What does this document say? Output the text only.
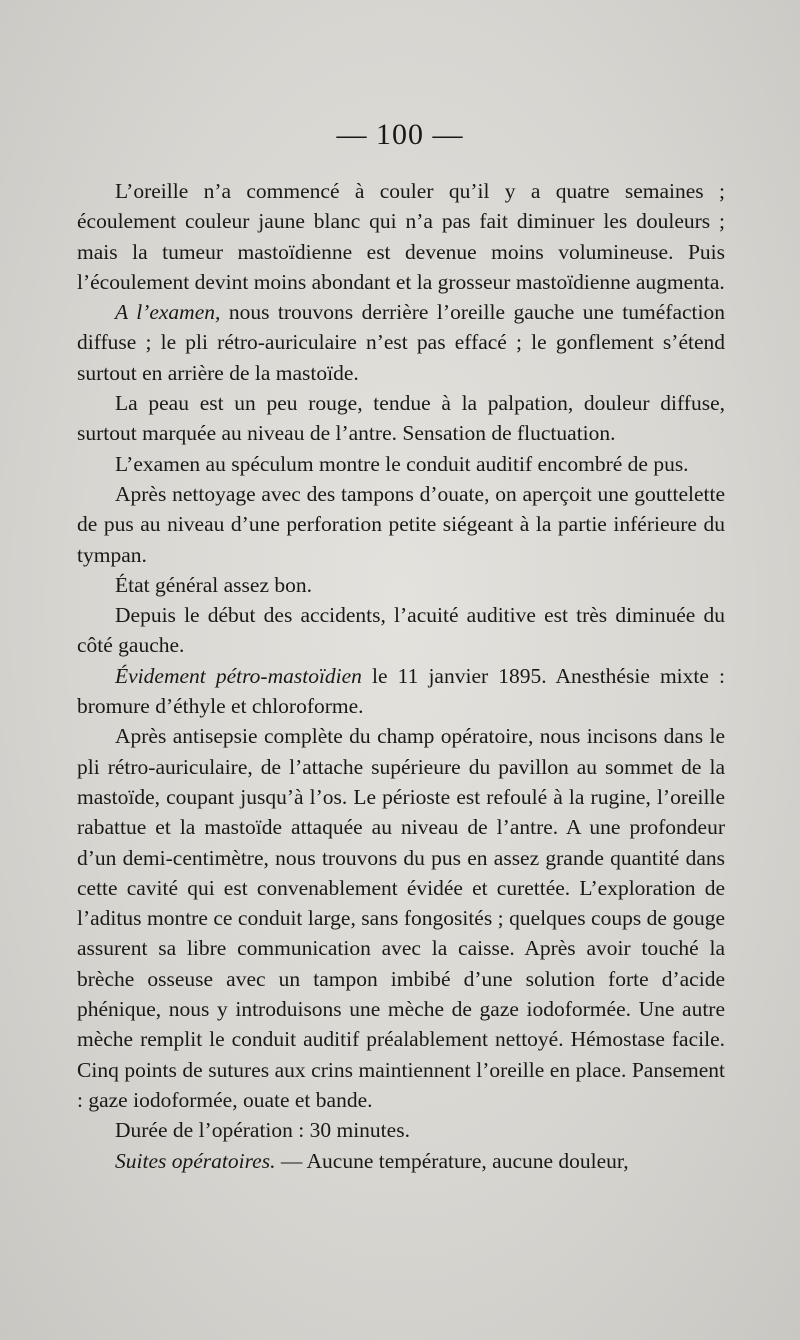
— 100 —

L’oreille n’a commencé à couler qu’il y a quatre semaines ; écoulement couleur jaune blanc qui n’a pas fait diminuer les douleurs ; mais la tumeur mastoïdienne est devenue moins volumineuse. Puis l’écoulement devint moins abondant et la grosseur mastoïdienne augmenta.

A l’examen, nous trouvons derrière l’oreille gauche une tuméfaction diffuse ; le pli rétro-auriculaire n’est pas effacé ; le gonflement s’étend surtout en arrière de la mastoïde.

La peau est un peu rouge, tendue à la palpation, douleur diffuse, surtout marquée au niveau de l’antre. Sensation de fluctuation.

L’examen au spéculum montre le conduit auditif encombré de pus.

Après nettoyage avec des tampons d’ouate, on aperçoit une gouttelette de pus au niveau d’une perforation petite siégeant à la partie inférieure du tympan.

État général assez bon.

Depuis le début des accidents, l’acuité auditive est très diminuée du côté gauche.

Évidement pétro-mastoïdien le 11 janvier 1895. Anesthésie mixte : bromure d’éthyle et chloroforme.

Après antisepsie complète du champ opératoire, nous incisons dans le pli rétro-auriculaire, de l’attache supérieure du pavillon au sommet de la mastoïde, coupant jusqu’à l’os. Le périoste est refoulé à la rugine, l’oreille rabattue et la mastoïde attaquée au niveau de l’antre. A une profondeur d’un demi-centimètre, nous trouvons du pus en assez grande quantité dans cette cavité qui est convenablement évidée et curettée. L’exploration de l’aditus montre ce conduit large, sans fongosités ; quelques coups de gouge assurent sa libre communication avec la caisse. Après avoir touché la brèche osseuse avec un tampon imbibé d’une solution forte d’acide phénique, nous y introduisons une mèche de gaze iodoformée. Une autre mèche remplit le conduit auditif préalablement nettoyé. Hémostase facile. Cinq points de sutures aux crins maintiennent l’oreille en place. Pansement : gaze iodoformée, ouate et bande.

Durée de l’opération : 30 minutes.

Suites opératoires. — Aucune température, aucune douleur,
